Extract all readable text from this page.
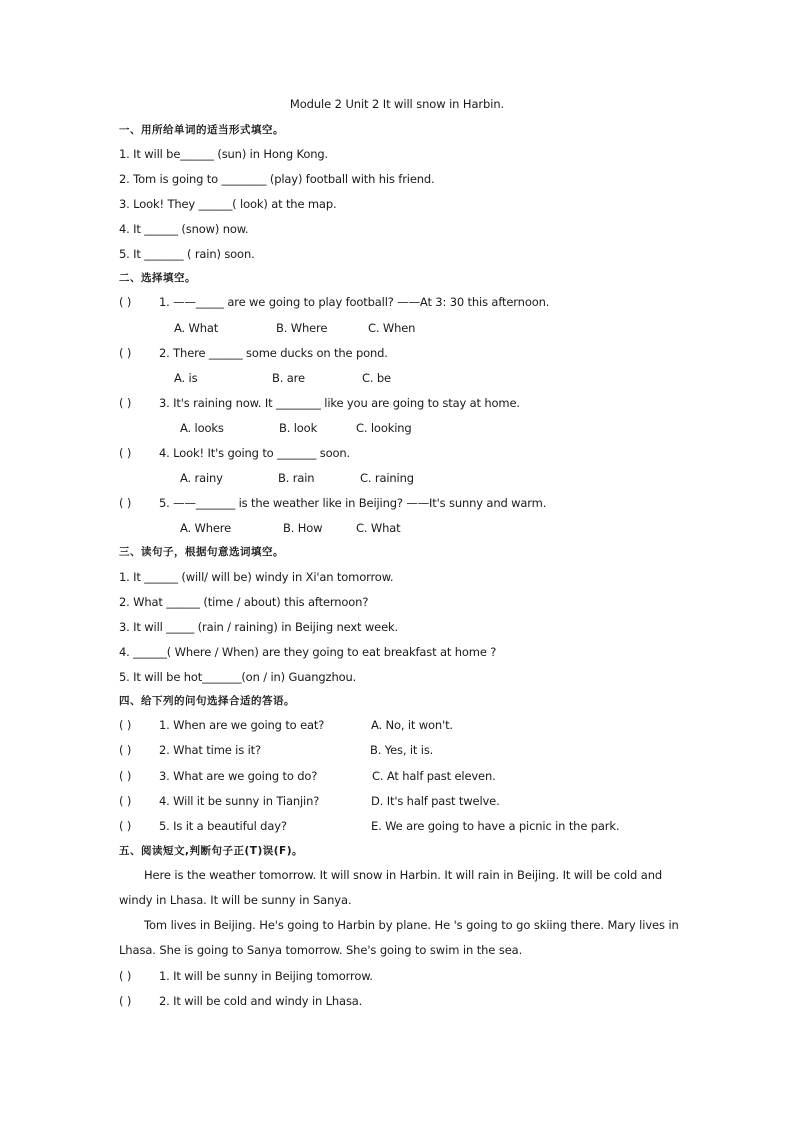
Module 2 Unit 2 It will snow in Harbin.
一、用所给单词的适当形式填空。
1. It will be______ (sun) in Hong Kong.
2. Tom is going to ________ (play) football with his friend.
3. Look! They ______( look) at the map.
4. It ______ (snow) now.
5. It _______ ( rain) soon.
二、选择填空。
( ) 1. ——_____ are we going to play football? ——At 3: 30 this afternoon.
A. What	B. Where	C. When
( ) 2. There ______ some ducks on the pond.
A. is	B. are	C. be
( ) 3. It's raining now. It ________ like you are going to stay at home.
A. looks	B. look	C. looking
( ) 4. Look! It's going to _______ soon.
A. rainy	B. rain	C. raining
( ) 5. ——_______ is the weather like in Beijing? ——It's sunny and warm.
A. Where	B. How	C. What
三、读句子，根据句意选词填空。
1. It ______ (will/ will be) windy in Xi'an tomorrow.
2. What ______ (time / about) this afternoon?
3. It will _____ (rain / raining) in Beijing next week.
4. ______( Where / When) are they going to eat breakfast at home ?
5. It will be hot_______(on / in) Guangzhou.
四、给下列的问句选择合适的答语。
( ) 1. When are we going to eat?	A. No, it won't.
( ) 2. What time is it?	B. Yes, it is.
( ) 3. What are we going to do?	C. At half past eleven.
( ) 4. Will it be sunny in Tianjin?	D. It's half past twelve.
( ) 5. Is it a beautiful day?	E. We are going to have a picnic in the park.
五、阅读短文,判断句子正(T)误(F)。
Here is the weather tomorrow. It will snow in Harbin. It will rain in Beijing. It will be cold and windy in Lhasa. It will be sunny in Sanya.
Tom lives in Beijing. He's going to Harbin by plane. He 's going to go skiing there. Mary lives in Lhasa. She is going to Sanya tomorrow. She's going to swim in the sea.
( ) 1. It will be sunny in Beijing tomorrow.
( ) 2. It will be cold and windy in Lhasa.
